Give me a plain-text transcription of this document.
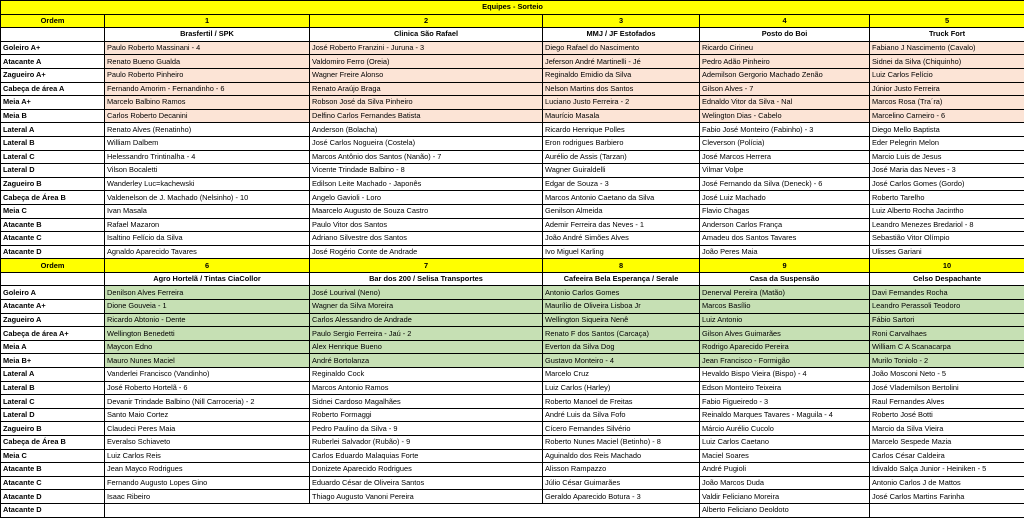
Equipes - Sorteio					
Ordem	1	2	3	4	5
	Brasfertil / SPK	Clinica São Rafael	MMJ / JF Estofados	Posto do Boi	Truck Fort
Goleiro A+	Paulo Roberto Massinani - 4	José Roberto Franzini - Juruna - 3	Diego Rafael do Nascimento	Ricardo Cirineu	Fabiano J Nascimento (Cavalo)
Atacante A	Renato Bueno Gualda	Valdomiro Ferro (Oreia)	Jeferson André Martinelli - Jé	Pedro Adão Pinheiro	Sidnei da Silva (Chiquinho)
Zagueiro A+	Paulo Roberto Pinheiro	Wagner Freire Alonso	Reginaldo Emidio da Silva	Ademilson Gergorio Machado Zenão	Luiz Carlos Felício
Cabeça de área A	Fernando Amorim - Fernandinho - 6	Renato Araújo Braga	Nelson Martins dos Santos	Gilson Alves - 7	Júnior Justo Ferreira
Meia A+	Marcelo Balbino Ramos	Robson José da Silva Pinheiro	Luciano Justo Ferreira - 2	Ednaldo Vitor da Silva - Nal	Marcos Rosa (Tra´ra)
Meia B	Carlos Roberto Decanini	Delfino Carlos Fernandes Batista	Maurício Masala	Welington Dias - Cabelo	Marcelino Carneiro - 6
Lateral A	Renato Alves (Renatinho)	Anderson (Bolacha)	Ricardo Henrique Polles	Fabio José Monteiro (Fabinho) - 3	Diego Mello Baptista
Lateral B	William Dalbem	José Carlos Nogueira (Costela)	Eron rodrigues Barbiero	Cleverson (Polícia)	Eder Pelegrin Melon
Lateral C	Helessandro Trintinalha - 4	Marcos Antônio dos Santos (Nanão) - 7	Aurélio de Assis (Tarzan)	José Marcos Herrera	Marcio Luis de Jesus
Lateral D	Vilson Bocaletti	Vicente Trindade Balbino - 8	Wagner Guiraldelli	Vilmar Volpe	José Maria das Neves - 3
Zagueiro B	Wanderley Luc=kachewski	Edilson Leite Machado - Japonês	Edgar de Souza - 3	José Fernando da Silva (Deneck) - 6	José Carlos Gomes (Gordo)
Cabeça de Área B	Valdenelson de J. Machado (Nelsinho) - 10	Angelo Gavioli - Loro	Marcos Antonio Caetano da Silva	José Luiz Machado	Roberto Tarelho
Meia C	Ivan Masala	Maarcelo Augusto de Souza Castro	Genilson Almeida	Flavio Chagas	Luiz Alberto Rocha Jacintho
Atacante B	Rafael Mazaron	Paulo Vitor dos Santos	Ademir Ferreira das Neves - 1	Anderson Carlos França	Leandro Menezes Bredariol - 8
Atacante C	Isaltino Felício da Silva	Adriano Silvestre dos Santos	João André Simões Alves	Amadeu dos Santos Tavares	Sebastião Vitor Olímpio
Atacante D	Agnaldo Aparecido Tavares	José Rogério Conte de Andrade	Ivo Miguel Karling	João Peres Maia	Ulisses Gariani
Ordem	6	7	8	9	10
	Agro Hortelã / Tintas CiaCollor	Bar dos 200 / Selisa Transportes	Cafeeira Bela Esperança / Serale	Casa da Suspensão	Celso Despachante
Goleiro A	Denilson Alves Ferreira	José Lourival (Neno)	Antonio Carlos Gomes	Denerval Pereira (Matão)	Davi Fernandes Rocha
Atacante A+	Dione Gouveia - 1	Wagner da Silva Moreira	Maurílio de Oliveira Lisboa Jr	Marcos Basílio	Leandro Perassoli Teodoro
Zagueiro A	Ricardo Abtonio - Dente	Carlos Alessandro de Andrade	Wellington Siqueira Nenê	Luiz Antonio	Fábio Sartori
Cabeça de área A+	Wellington Benedetti	Paulo Sergio Ferreira - Jaú - 2	Renato F dos Santos (Carcaça)	Gilson Alves Guimarães	Roni Carvalhaes
Meia A	Maycon Edno	Alex Henrique Bueno	Everton da Silva Dog	Rodrigo Aparecido Pereira	William C A Scanacarpa
Meia B+	Mauro Nunes Maciel	André Bortolanza	Gustavo Monteiro - 4	Jean Francisco - Formigão	Murilo Toniolo - 2
Lateral A	Vanderlei Francisco (Vandinho)	Reginaldo Cock	Marcelo Cruz	Hevaldo Bispo Vieira (Bispo) - 4	João Mosconi Neto - 5
Lateral B	José Roberto Hortelã - 6	Marcos Antonio Ramos	Luiz Carlos (Harley)	Edson Monteiro Teixeira	José Vlademilson Bertolini
Lateral C	Devanir Trindade Balbino (Nill Carroceria) - 2	Sidnei Cardoso Magalhães	Roberto Manoel de Freitas	Fabio Figueiredo - 3	Raul Fernandes Alves
Lateral D	Santo Maio Cortez	Roberto Formaggi	André Luis da Silva Fofo	Reinaldo Marques Tavares - Maguila - 4	Roberto José Botti
Zagueiro B	Claudeci Peres Maia	Pedro Paulino da Silva - 9	Cícero Fernandes Silvério	Márcio Aurélio Cucolo	Marcio da Silva Vieira
Cabeça de Área B	Everalso Schiaveto	Ruberlei Salvador (Rubão) - 9	Roberto Nunes Maciel (Betinho) - 8	Luiz Carlos Caetano	Marcelo Sespede Mazia
Meia C	Luiz Carlos Reis	Carlos Eduardo Malaquias Forte	Aguinaldo dos Reis Machado	Maciel Soares	Carlos César Caldeira
Atacante B	Jean Mayco Rodrigues	Donizete Aparecido Rodrigues	Alisson Rampazzo	André Pugioli	Idivaldo Salça Junior - Heiniken - 5
Atacante C	Fernando Augusto Lopes Gino	Eduardo César de Oliveira Santos	Júlio César Guimarães	João Marcos Duda	Antonio Carlos J de Mattos
Atacante D	Isaac Ribeiro	Thiago Augusto Vanoni Pereira	Geraldo Aparecido Botura - 3	Valdir Feliciano Moreira	José Carlos Martins Farinha
Atacante D				Alberto Feliciano Deoldoto	
